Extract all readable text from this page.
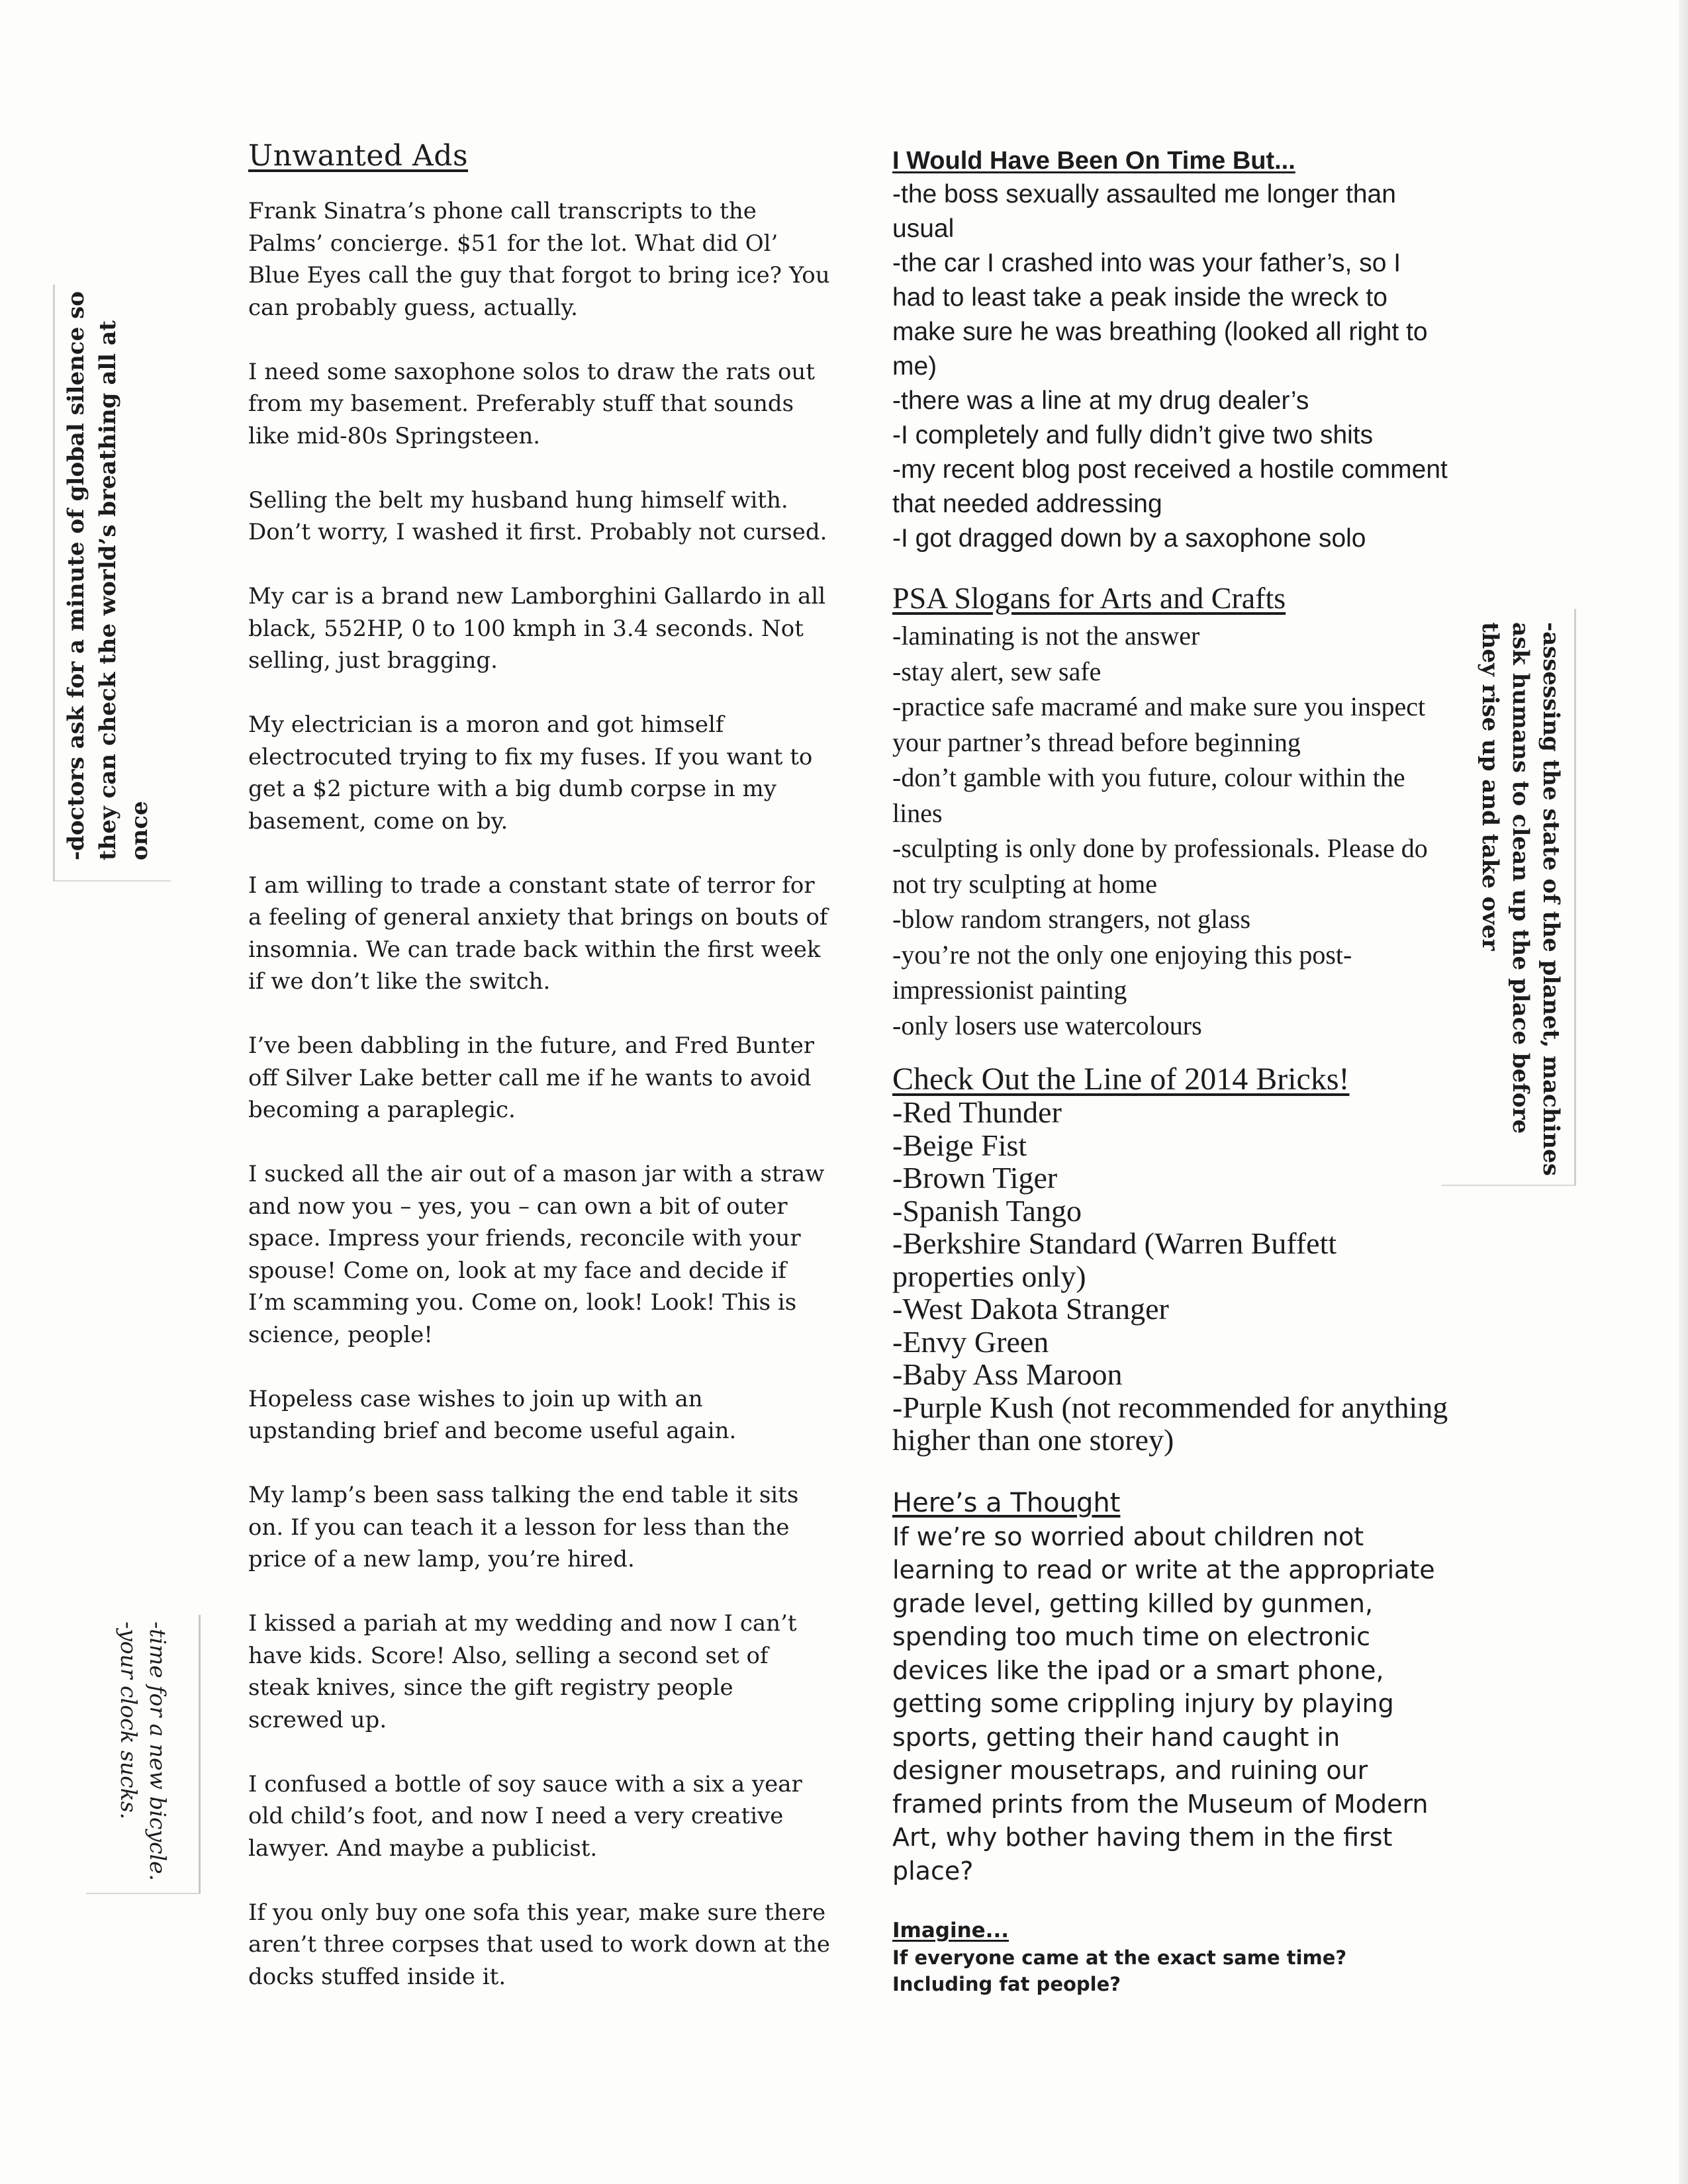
Unwanted Ads

Frank Sinatra’s phone call transcripts to the Palms’ concierge. $51 for the lot. What did Ol’ Blue Eyes call the guy that forgot to bring ice? You can probably guess, actually.

I need some saxophone solos to draw the rats out from my basement. Preferably stuff that sounds like mid-80s Springsteen.

Selling the belt my husband hung himself with. Don’t worry, I washed it first. Probably not cursed.

My car is a brand new Lamborghini Gallardo in all black, 552HP, 0 to 100 kmph in 3.4 seconds. Not selling, just bragging.

My electrician is a moron and got himself electrocuted trying to fix my fuses. If you want to get a $2 picture with a big dumb corpse in my basement, come on by.

I am willing to trade a constant state of terror for a feeling of general anxiety that brings on bouts of insomnia. We can trade back within the first week if we don’t like the switch.

I’ve been dabbling in the future, and Fred Bunter off Silver Lake better call me if he wants to avoid becoming a paraplegic.

I sucked all the air out of a mason jar with a straw and now you – yes, you – can own a bit of outer space. Impress your friends, reconcile with your spouse! Come on, look at my face and decide if I’m scamming you. Come on, look! Look! This is science, people!

Hopeless case wishes to join up with an upstanding brief and become useful again.

My lamp’s been sass talking the end table it sits on. If you can teach it a lesson for less than the price of a new lamp, you’re hired.

I kissed a pariah at my wedding and now I can’t have kids. Score! Also, selling a second set of steak knives, since the gift registry people screwed up.

I confused a bottle of soy sauce with a six a year old child’s foot, and now I need a very creative lawyer. And maybe a publicist.

If you only buy one sofa this year, make sure there aren’t three corpses that used to work down at the docks stuffed inside it.

I Would Have Been On Time But...
-the boss sexually assaulted me longer than usual
-the car I crashed into was your father’s, so I had to least take a peak inside the wreck to make sure he was breathing (looked all right to me)
-there was a line at my drug dealer’s
-I completely and fully didn’t give two shits
-my recent blog post received a hostile comment that needed addressing
-I got dragged down by a saxophone solo
PSA Slogans for Arts and Crafts
-laminating is not the answer
-stay alert, sew safe
-practice safe macramé and make sure you inspect your partner’s thread before beginning
-don’t gamble with you future, colour within the lines
-sculpting is only done by professionals. Please do not try sculpting at home
-blow random strangers, not glass
-you’re not the only one enjoying this post-impressionist painting
-only losers use watercolours
Check Out the Line of 2014 Bricks!
-Red Thunder
-Beige Fist
-Brown Tiger
-Spanish Tango
-Berkshire Standard (Warren Buffett properties only)
-West Dakota Stranger
-Envy Green
-Baby Ass Maroon
-Purple Kush (not recommended for anything higher than one storey)
Here’s a Thought
If we’re so worried about children not learning to read or write at the appropriate grade level, getting killed by gunmen, spending too much time on electronic devices like the ipad or a smart phone, getting some crippling injury by playing sports, getting their hand caught in designer mousetraps, and ruining our framed prints from the Museum of Modern Art, why bother having them in the first place?
Imagine...
If everyone came at the exact same time? Including fat people?
-doctors ask for a minute of global silence so they can check the world’s breathing all at once	-assessing the state of the planet, machines ask humans to clean up the place before they rise up and take over
-time for a new bicycle. -your clock sucks.
